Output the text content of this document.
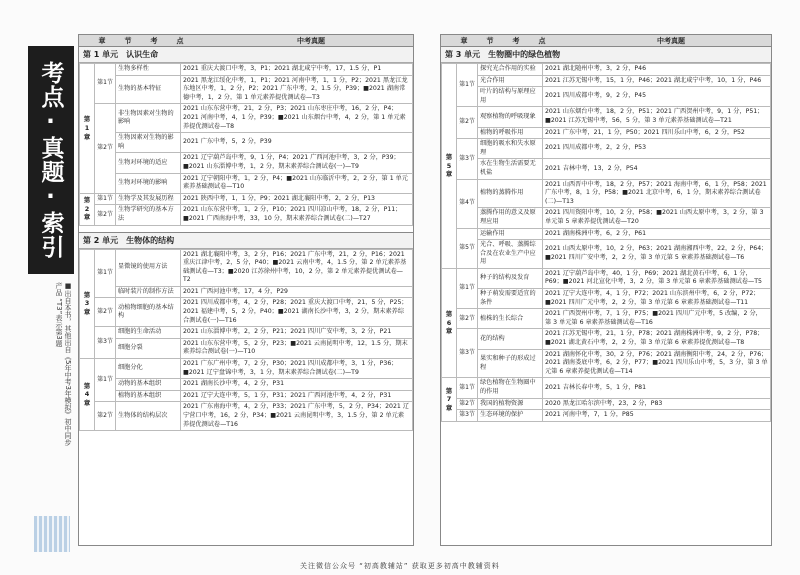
考点·真题·索引
■出自本书，其他出自《5年中考3年模拟》初中同步产品 “T3”表示第3题
章　节　考　点	中考真题
第 1 单元　认识生命
第1章	第1节	生物多样性	2021 重庆大渡口中考，3，P1；2021 湖北咸宁中考，17，1.5 分，P1
		生物的基本特征	2021 黑龙江绥化中考，1，P1；2021 河南中考，1，1 分，P2；2021 黑龙江龙东地区中考，1，2 分，P2；2021 广东中考，2，1.5 分，P39；■2021 湖南常德中考，1，2 分，第 1 单元素养提优测试卷—T3
	第2节	非生物因素对生物的影响	2021 山东东营中考，21，2 分，P3；2021 山东枣庄中考，16，2 分，P4；2021 河南中考，4，1 分，P39；■2021 山东烟台中考，4，2 分，第 1 单元素养提优测试卷—T8
		生物因素对生物的影响	2021 广东中考，5，2 分，P39
		生物对环境的适应	2021 辽宁葫芦岛中考，9，1 分，P4；2021 广西河池中考，3，2 分，P39；■2021 山东淄博中考，1，2 分，期末素养综合测试卷(一)—T9
		生物对环境的影响	2021 辽宁朝阳中考，1，2 分，P4；■2021 山东临沂中考，2，2 分，第 1 单元素养基础测试卷—T10
第2章	第1节	生物学及其发展历程	2021 陕西中考，1，1 分，P9；2021 湖北襄阳中考，2，2 分，P13
	第2节	生物学研究的基本方法	2021 山东东营中考，1，2 分，P10；2021 四川凉山中考，18，2 分，P11；■2021 广西南海中考，33，10 分，期末素养综合测试卷(二)—T27
第 2 单元　生物体的结构
第3章	第1节	显微镜的使用方法	2021 湖北襄阳中考，3，2 分，P16；2021 广东中考，21，2 分，P16；2021 重庆江津中考，2，5 分，P40；■2021 云南中考，4，1.5 分，第 2 单元素养基础测试卷—T3；■2020 江苏徐州中考，10，2 分，第 2 单元素养提优测试卷—T2
		临时装片的制作方法	2021 广西河池中考，17，4 分，P29
	第2节	动植物细胞的基本结构	2021 四川成都中考，4，2 分，P28；2021 重庆大渡口中考，21，5 分，P25；2021 福建中考，5，2 分，P40；■2021 湖南长沙中考，3，2 分，期末素养综合测试卷(一)—T16
	第3节	细胞的生命活动	2021 山东淄博中考，2，2 分，P21；2021 四川广安中考，3，2 分，P21
		细胞分裂	2021 山东东营中考，5，2 分，P23；■2021 云南昆明中考，12，1.5 分，期末素养综合测试卷(一)—T10
第4章	第1节	细胞分化	2021 广东广州中考，7，2 分，P30；2021 四川成都中考，3，1 分，P36；■2021 辽宁盘锦中考，3，1 分，期末素养综合测试卷(二)—T9
		动物的基本组织	2021 湖南长沙中考，4，2 分，P31
		植物的基本组织	2021 辽宁大连中考，5，1 分，P31；2021 广西河池中考，4，2 分，P31
	第2节	生物体的结构层次	2021 广东南海中考，4，2 分，P33；2021 广东中考，5，2 分，P34；2021 辽宁营口中考，16，2 分，P34；■2021 云南昆明中考，3，1.5 分，第 2 单元素养提优测试卷—T16
章　节　考　点	中考真题
第 3 单元　生物圈中的绿色植物
第5章	第1节	探究光合作用的实验	2021 湖北随州中考，3，2 分，P46
		光合作用	2021 江苏无锡中考，15，1 分，P46；2021 湖北咸宁中考，10，1 分，P46
		叶片的结构与原理应用	2021 四川成都中考，9，2 分，P45
	第2节	观察植物的呼吸现象	2021 山东烟台中考，18，2 分，P51；2021 广西贺州中考，9，1 分，P51；■2021 江苏无锡中考，56，5 分，第 3 单元素养基础测试卷—T21
		植物的呼吸作用	2021 广东中考，21，1 分，P50；2021 四川乐山中考，6，2 分，P52
	第3节	细胞的吸水和失水原理	2021 四川成都中考，2，2 分，P53
		水在生物生活需要无机盐	2021 吉林中考，13，2 分，P54
	第4节	植物的蒸腾作用	2021 山西晋中中考，18，2 分，P57；2021 海南中考，6，1 分，P58；2021 广东中考，8，1 分，P58；■2021 北京中考，6，1 分，期末素养综合测试卷(二)—T13
		蒸腾作用的意义及原理应用	2021 四川资阳中考，10，2 分，P58；■2021 山西太原中考，3，2 分，第 3 单元第 5 章素养提优测试卷—T20
	第5节	运输作用	2021 湖南株洲中考，6，2 分，P61
		光合、呼吸、蒸腾综合及在农业生产中应用	2021 山西太原中考，10，2 分，P63；2021 湖南湘西中考，22，2 分，P64；■2021 四川广安中考，2，2 分，第 3 单元第 5 章素养基础测试卷—T6
第6章	第1节	种子的结构及发育	2021 辽宁葫芦岛中考，40，1 分，P69；2021 湖北黄石中考，6，1 分，P69；■2021 河北宣化中考，3，2 分，第 3 单元第 6 章素养基础测试卷—T5
		种子萌发需要适宜的条件	2021 辽宁大连中考，4，1 分，P72；2021 山东滨州中考，6，2 分，P72；■2021 四川广元中考，2，2 分，第 3 单元第 6 章素养基础测试卷—T11
	第2节	植株的生长综合	2021 广西贺州中考，7，1 分，P75；■2021 四川广元中考，5 改编，2 分，第 3 单元第 6 章素养基础测试卷—T16
	第3节	花的结构	2021 江苏无锡中考，21，1 分，P78；2021 湖南株洲中考，9，2 分，P78；■2021 湖北黄石中考，2，2 分，第 3 单元第 6 章素养提优测试卷—T8
		果实和种子的形成过程	2021 湖南怀化中考，30，2 分，P76；2021 湖南衡阳中考，24，2 分，P76；2021 湖南娄底中考，6，2 分，P77；■2021 四川乐山中考，5，3 分，第 3 单元第 6 章素养提优测试卷—T14
第7章	第1节	绿色植物在生物圈中的作用	2021 吉林长春中考，5，1 分，P81
	第2节	我国的植物资源	2020 黑龙江哈尔滨中考，23，2 分，P83
	第3节	生态环境的保护	2021 河南中考，7，1 分，P85
关注微信公众号 “初高教辅站” 获取更多初高中教辅资料
